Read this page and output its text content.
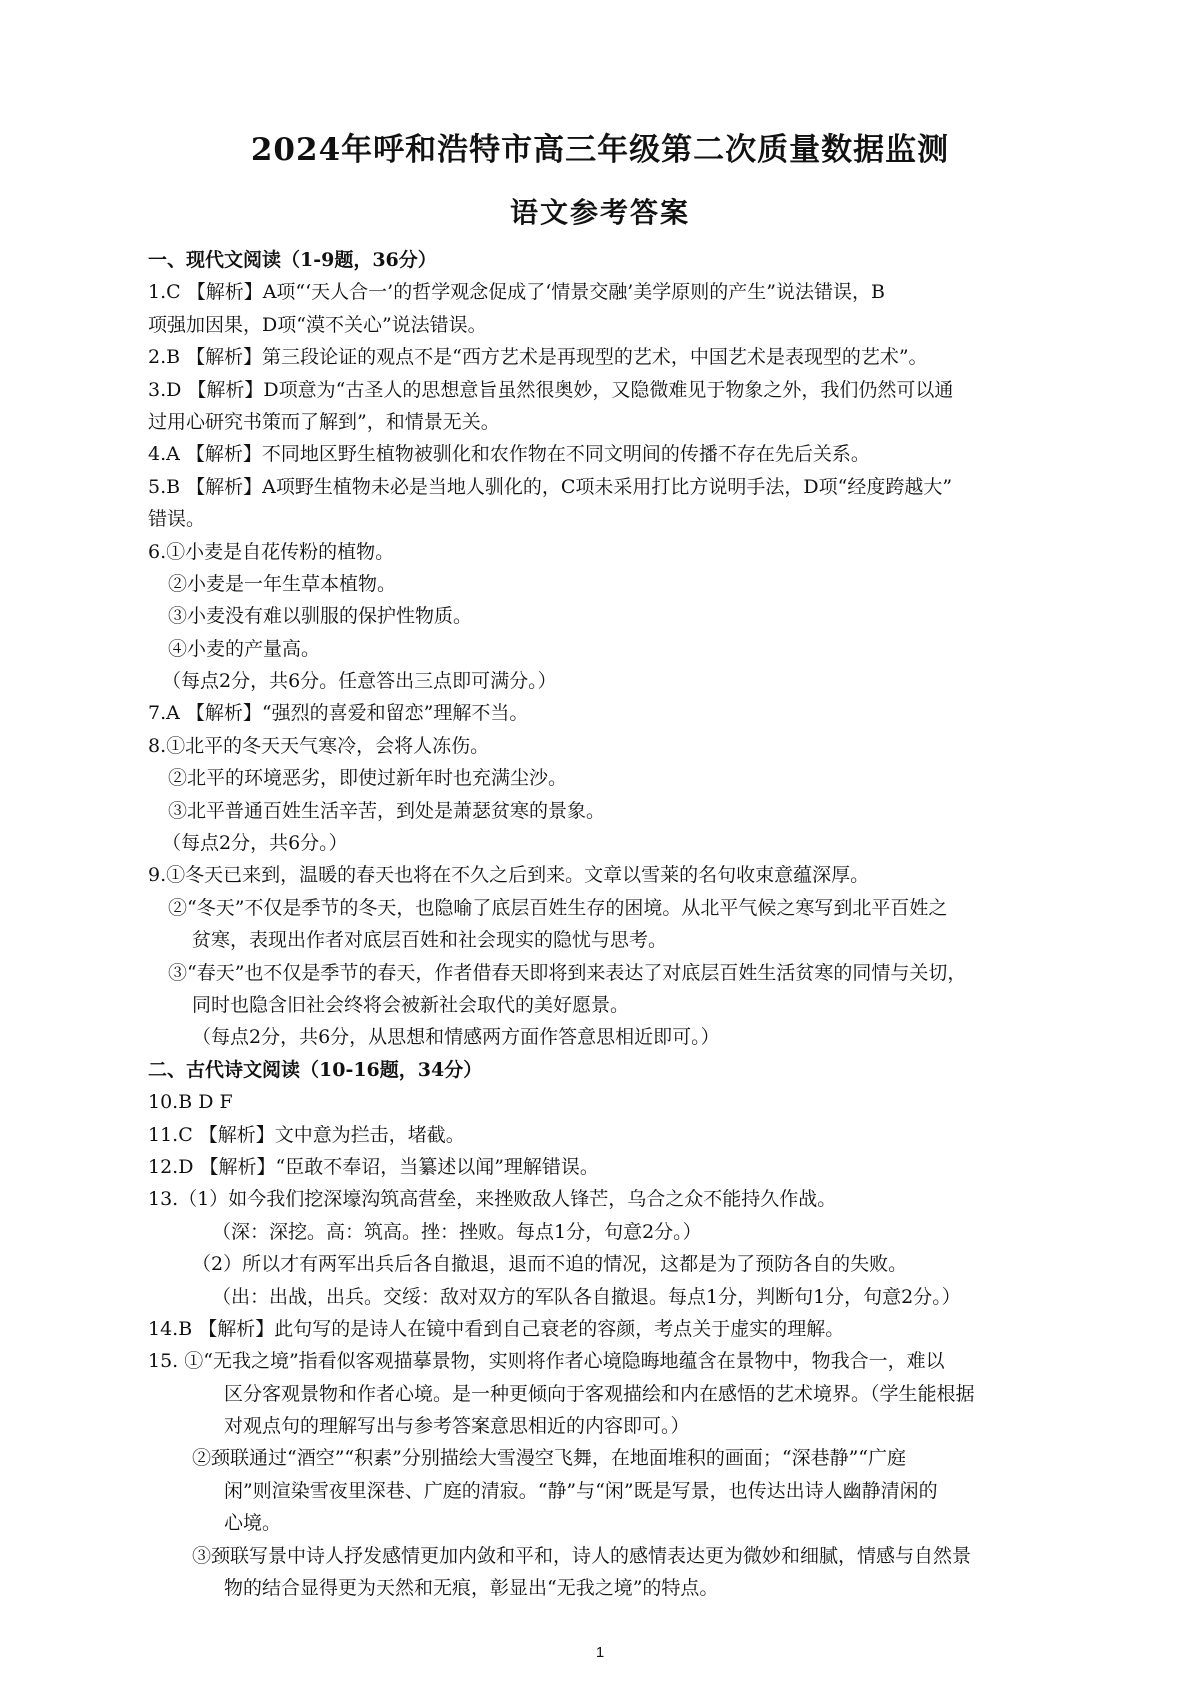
2024年呼和浩特市高三年级第二次质量数据监测
语文参考答案
一、现代文阅读（1-9题，36分）
1.C 【解析】A项“‘天人合一’的哲学观念促成了‘情景交融’美学原则的产生”说法错误，B
项强加因果，D项“漠不关心”说法错误。
2.B 【解析】第三段论证的观点不是“西方艺术是再现型的艺术，中国艺术是表现型的艺术”。
3.D 【解析】D项意为“古圣人的思想意旨虽然很奥妙，又隐微难见于物象之外，我们仍然可以通
过用心研究书策而了解到”，和情景无关。
4.A 【解析】不同地区野生植物被驯化和农作物在不同文明间的传播不存在先后关系。
5.B 【解析】A项野生植物未必是当地人驯化的，C项未采用打比方说明手法，D项“经度跨越大”
错误。
6.①小麦是自花传粉的植物。
②小麦是一年生草本植物。
③小麦没有难以驯服的保护性物质。
④小麦的产量高。
（每点2分，共6分。任意答出三点即可满分。）
7.A 【解析】“强烈的喜爱和留恋”理解不当。
8.①北平的冬天天气寒冷，会将人冻伤。
②北平的环境恶劣，即使过新年时也充满尘沙。
③北平普通百姓生活辛苦，到处是萧瑟贫寒的景象。
（每点2分，共6分。）
9.①冬天已来到，温暖的春天也将在不久之后到来。文章以雪莱的名句收束意蕴深厚。
②“冬天”不仅是季节的冬天，也隐喻了底层百姓生存的困境。从北平气候之寒写到北平百姓之
贫寒，表现出作者对底层百姓和社会现实的隐忧与思考。
③“春天”也不仅是季节的春天，作者借春天即将到来表达了对底层百姓生活贫寒的同情与关切，
同时也隐含旧社会终将会被新社会取代的美好愿景。
（每点2分，共6分，从思想和情感两方面作答意思相近即可。）
二、古代诗文阅读（10-16题，34分）
10.B D F
11.C 【解析】文中意为拦击，堵截。
12.D 【解析】“臣敢不奉诏，当纂述以闻”理解错误。
13.（1）如今我们挖深壕沟筑高营垒，来挫败敌人锋芒，乌合之众不能持久作战。
（深：深挖。高：筑高。挫：挫败。每点1分，句意2分。）
（2）所以才有两军出兵后各自撤退，退而不追的情况，这都是为了预防各自的失败。
（出：出战，出兵。交绥：敌对双方的军队各自撤退。每点1分，判断句1分，句意2分。）
14.B 【解析】此句写的是诗人在镜中看到自己衰老的容颜，考点关于虚实的理解。
15. ①“无我之境”指看似客观描摹景物，实则将作者心境隐晦地蕴含在景物中，物我合一，难以
区分客观景物和作者心境。是一种更倾向于客观描绘和内在感悟的艺术境界。（学生能根据
对观点句的理解写出与参考答案意思相近的内容即可。）
②颈联通过“酒空”“积素”分别描绘大雪漫空飞舞，在地面堆积的画面；“深巷静”“广庭
闲”则渲染雪夜里深巷、广庭的清寂。“静”与“闲”既是写景，也传达出诗人幽静清闲的
心境。
③颈联写景中诗人抒发感情更加内敛和平和，诗人的感情表达更为微妙和细腻，情感与自然景
物的结合显得更为天然和无痕，彰显出“无我之境”的特点。
1
